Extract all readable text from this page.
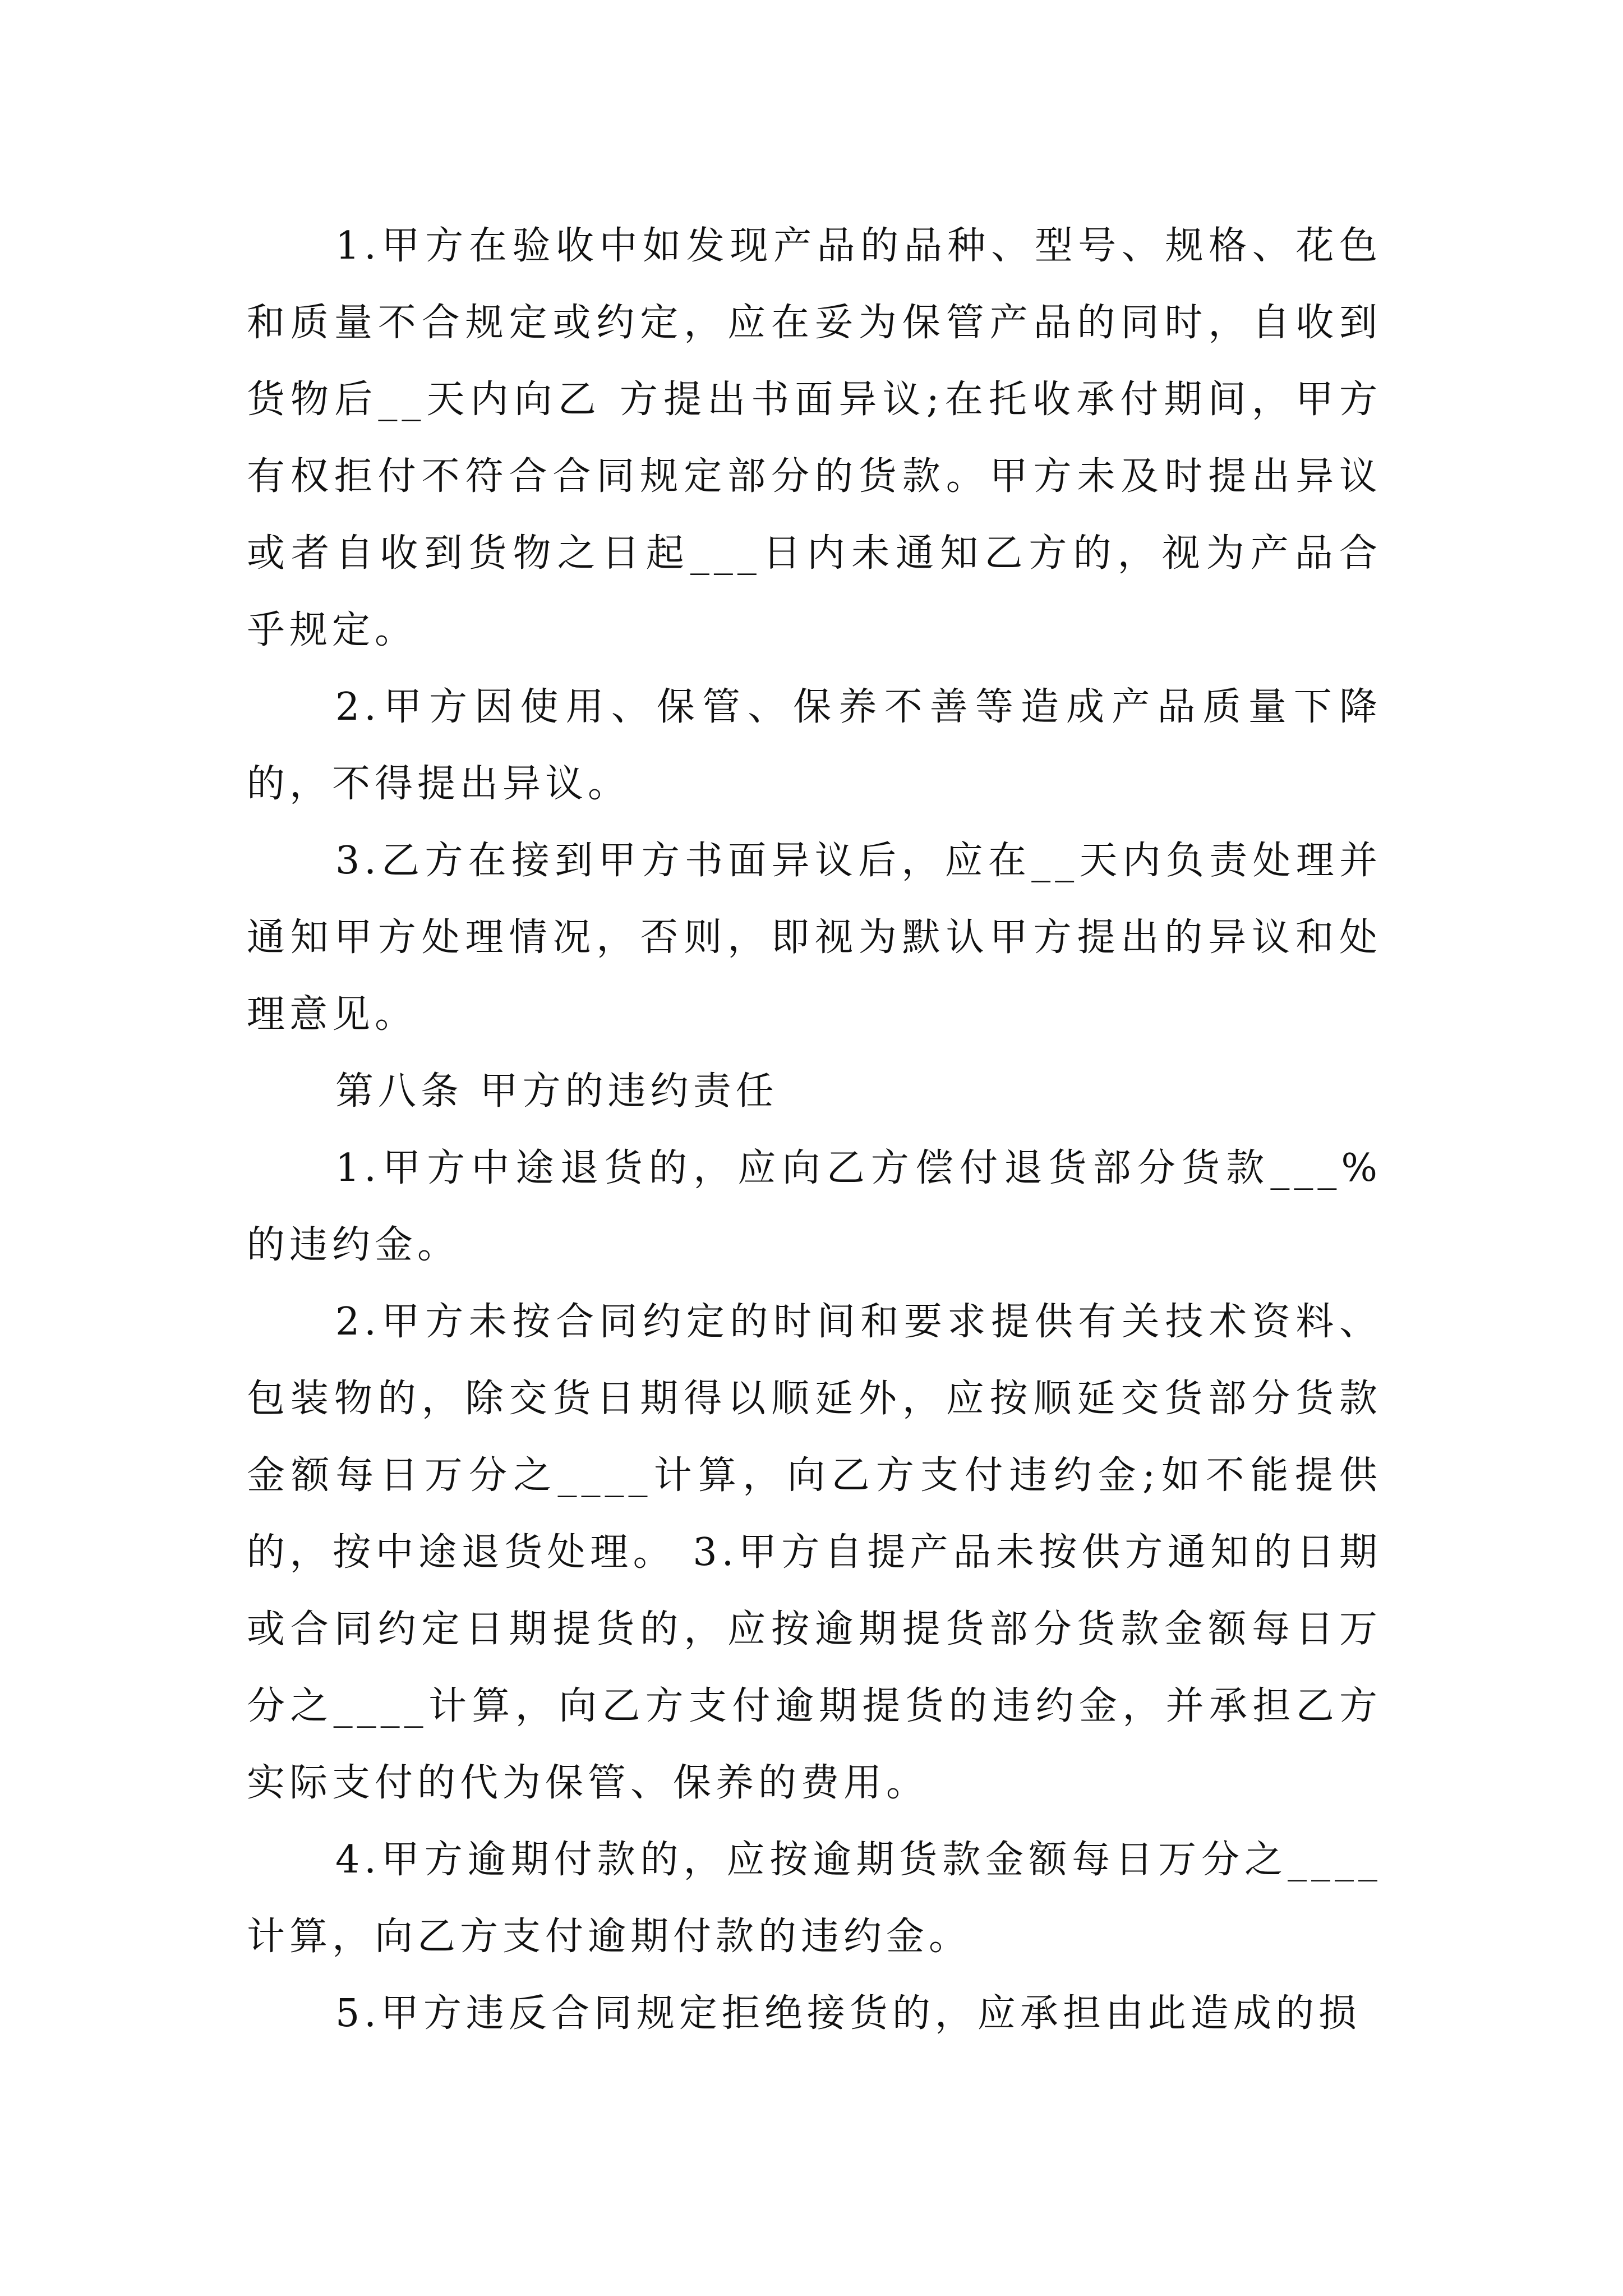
1.甲方在验收中如发现产品的品种、型号、规格、花色和质量不合规定或约定，应在妥为保管产品的同时，自收到货物后__天内向乙 方提出书面异议;在托收承付期间，甲方有权拒付不符合合同规定部分的货款。甲方未及时提出异议或者自收到货物之日起___日内未通知乙方的，视为产品合乎规定。

2.甲方因使用、保管、保养不善等造成产品质量下降的，不得提出异议。

3.乙方在接到甲方书面异议后，应在__天内负责处理并通知甲方处理情况，否则，即视为默认甲方提出的异议和处理意见。

第八条 甲方的违约责任

1.甲方中途退货的，应向乙方偿付退货部分货款___%的违约金。

2.甲方未按合同约定的时间和要求提供有关技术资料、包装物的，除交货日期得以顺延外，应按顺延交货部分货款金额每日万分之____计算，向乙方支付违约金;如不能提供的，按中途退货处理。 3.甲方自提产品未按供方通知的日期或合同约定日期提货的，应按逾期提货部分货款金额每日万分之____计算，向乙方支付逾期提货的违约金，并承担乙方实际支付的代为保管、保养的费用。

4.甲方逾期付款的，应按逾期货款金额每日万分之____计算，向乙方支付逾期付款的违约金。

5.甲方违反合同规定拒绝接货的，应承担由此造成的损
